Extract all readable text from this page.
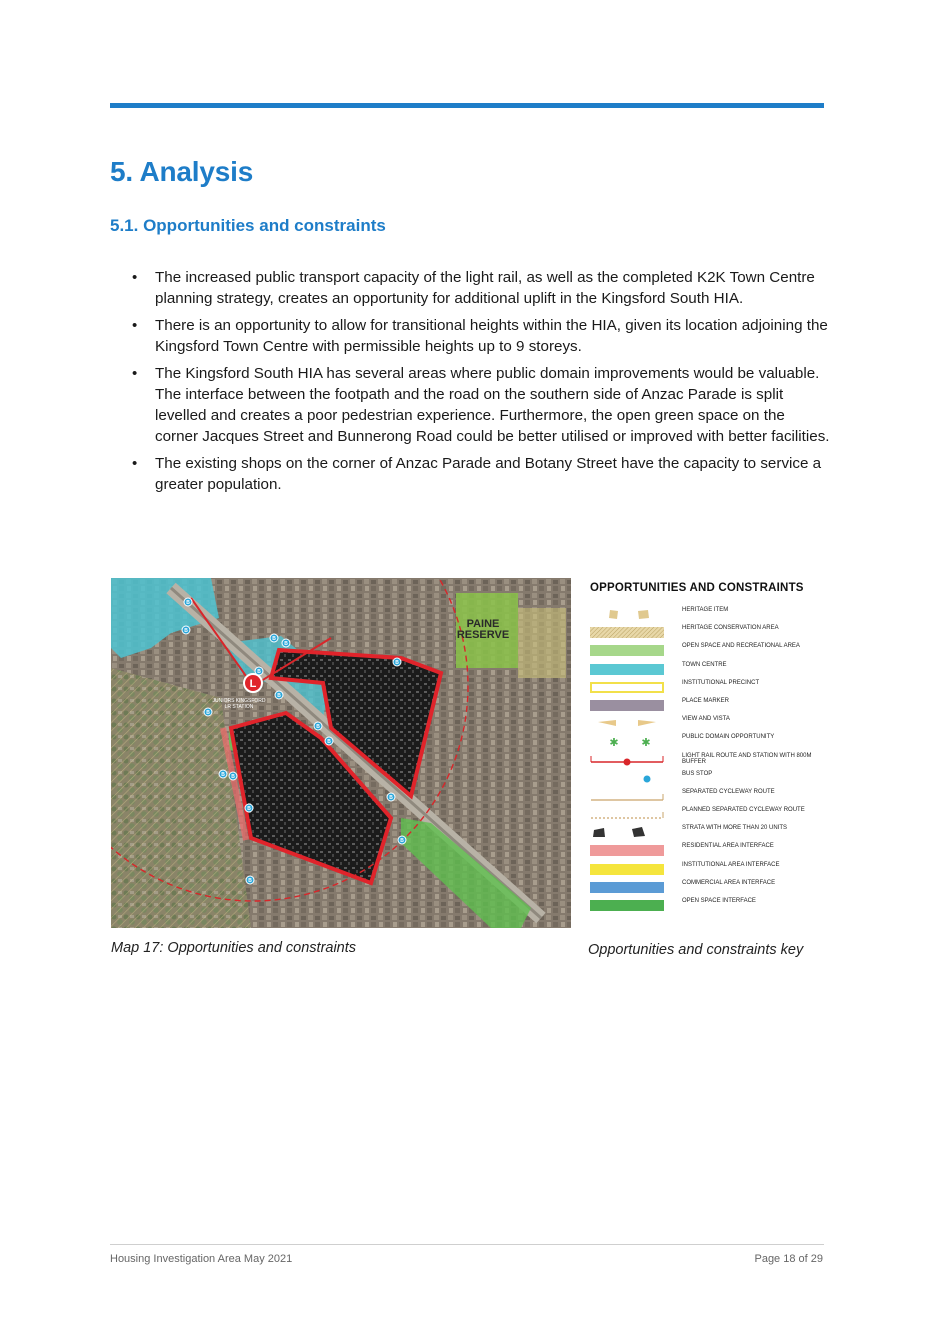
5. Analysis
5.1. Opportunities and constraints
• The increased public transport capacity of the light rail, as well as the completed K2K Town Centre planning strategy, creates an opportunity for additional uplift in the Kingsford South HIA.
• There is an opportunity to allow for transitional heights within the HIA, given its location adjoining the Kingsford Town Centre with permissible heights up to 9 storeys.
• The Kingsford South HIA has several areas where public domain improvements would be valuable. The interface between the footpath and the road on the southern side of Anzac Parade is split levelled and creates a poor pedestrian experience. Furthermore, the open green space on the corner Jacques Street and Bunnerong Road could be better utilised or improved with better facilities.
• The existing shops on the corner of Anzac Parade and Botany Street have the capacity to service a greater population.
L
JUNIORS KINGSFORD
LR STATION
PAINE
RESERVE
B
B
B
B
B
B
B
B
B
B
B B
B
B
B
B
Map 17: Opportunities and constraints
OPPORTUNITIES AND CONSTRAINTS
HERITAGE ITEM
HERITAGE CONSERVATION AREA
OPEN SPACE AND RECREATIONAL AREA
TOWN CENTRE
INSTITUTIONAL PRECINCT
PLACE MARKER
VIEW AND VISTA
✱ ✱	PUBLIC DOMAIN OPPORTUNITY
LIGHT RAIL ROUTE AND STATION WITH 800M BUFFER
BUS STOP
SEPARATED CYCLEWAY ROUTE
PLANNED SEPARATED CYCLEWAY ROUTE
STRATA WITH MORE THAN 20 UNITS
RESIDENTIAL AREA INTERFACE
INSTITUTIONAL AREA INTERFACE
COMMERCIAL AREA INTERFACE
OPEN SPACE INTERFACE
Opportunities and constraints key
Housing Investigation Area May 2021	Page 18 of 29
